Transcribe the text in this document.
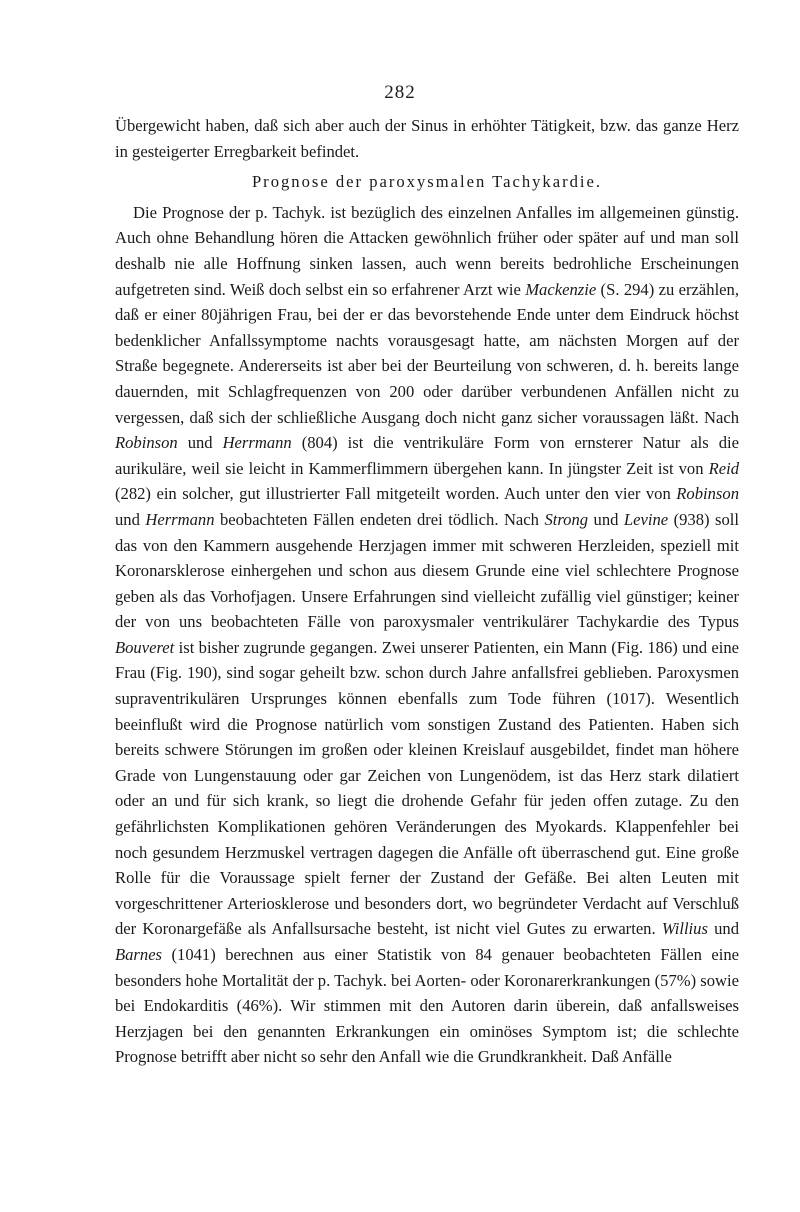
282

Übergewicht haben, daß sich aber auch der Sinus in erhöhter Tätigkeit, bzw. das ganze Herz in gesteigerter Erregbarkeit befindet.

Prognose der paroxysmalen Tachykardie.

Die Prognose der p. Tachyk. ist bezüglich des einzelnen Anfalles im allgemeinen günstig. Auch ohne Behandlung hören die Attacken gewöhnlich früher oder später auf und man soll deshalb nie alle Hoffnung sinken lassen, auch wenn bereits bedrohliche Erscheinungen aufgetreten sind. Weiß doch selbst ein so erfahrener Arzt wie Mackenzie (S. 294) zu erzählen, daß er einer 80jährigen Frau, bei der er das bevorstehende Ende unter dem Eindruck höchst bedenklicher Anfallssymptome nachts vorausgesagt hatte, am nächsten Morgen auf der Straße begegnete. Andererseits ist aber bei der Beurteilung von schweren, d. h. bereits lange dauernden, mit Schlagfrequenzen von 200 oder darüber verbundenen Anfällen nicht zu vergessen, daß sich der schließliche Ausgang doch nicht ganz sicher voraussagen läßt. Nach Robinson und Herrmann (804) ist die ventrikuläre Form von ernsterer Natur als die aurikuläre, weil sie leicht in Kammerflimmern übergehen kann. In jüngster Zeit ist von Reid (282) ein solcher, gut illustrierter Fall mitgeteilt worden. Auch unter den vier von Robinson und Herrmann beobachteten Fällen endeten drei tödlich. Nach Strong und Levine (938) soll das von den Kammern ausgehende Herzjagen immer mit schweren Herzleiden, speziell mit Koronarsklerose einhergehen und schon aus diesem Grunde eine viel schlechtere Prognose geben als das Vorhofjagen. Unsere Erfahrungen sind vielleicht zufällig viel günstiger; keiner der von uns beobachteten Fälle von paroxysmaler ventrikulärer Tachykardie des Typus Bouveret ist bisher zugrunde gegangen. Zwei unserer Patienten, ein Mann (Fig. 186) und eine Frau (Fig. 190), sind sogar geheilt bzw. schon durch Jahre anfallsfrei geblieben. Paroxysmen supraventrikulären Ursprunges können ebenfalls zum Tode führen (1017). Wesentlich beeinflußt wird die Prognose natürlich vom sonstigen Zustand des Patienten. Haben sich bereits schwere Störungen im großen oder kleinen Kreislauf ausgebildet, findet man höhere Grade von Lungenstauung oder gar Zeichen von Lungenödem, ist das Herz stark dilatiert oder an und für sich krank, so liegt die drohende Gefahr für jeden offen zutage. Zu den gefährlichsten Komplikationen gehören Veränderungen des Myokards. Klappenfehler bei noch gesundem Herzmuskel vertragen dagegen die Anfälle oft überraschend gut. Eine große Rolle für die Voraussage spielt ferner der Zustand der Gefäße. Bei alten Leuten mit vorgeschrittener Arteriosklerose und besonders dort, wo begründeter Verdacht auf Verschluß der Koronargefäße als Anfallsursache besteht, ist nicht viel Gutes zu erwarten. Willius und Barnes (1041) berechnen aus einer Statistik von 84 genauer beobachteten Fällen eine besonders hohe Mortalität der p. Tachyk. bei Aorten- oder Koronarerkrankungen (57%) sowie bei Endokarditis (46%). Wir stimmen mit den Autoren darin überein, daß anfallsweises Herzjagen bei den genannten Erkrankungen ein ominöses Symptom ist; die schlechte Prognose betrifft aber nicht so sehr den Anfall wie die Grundkrankheit. Daß Anfälle
